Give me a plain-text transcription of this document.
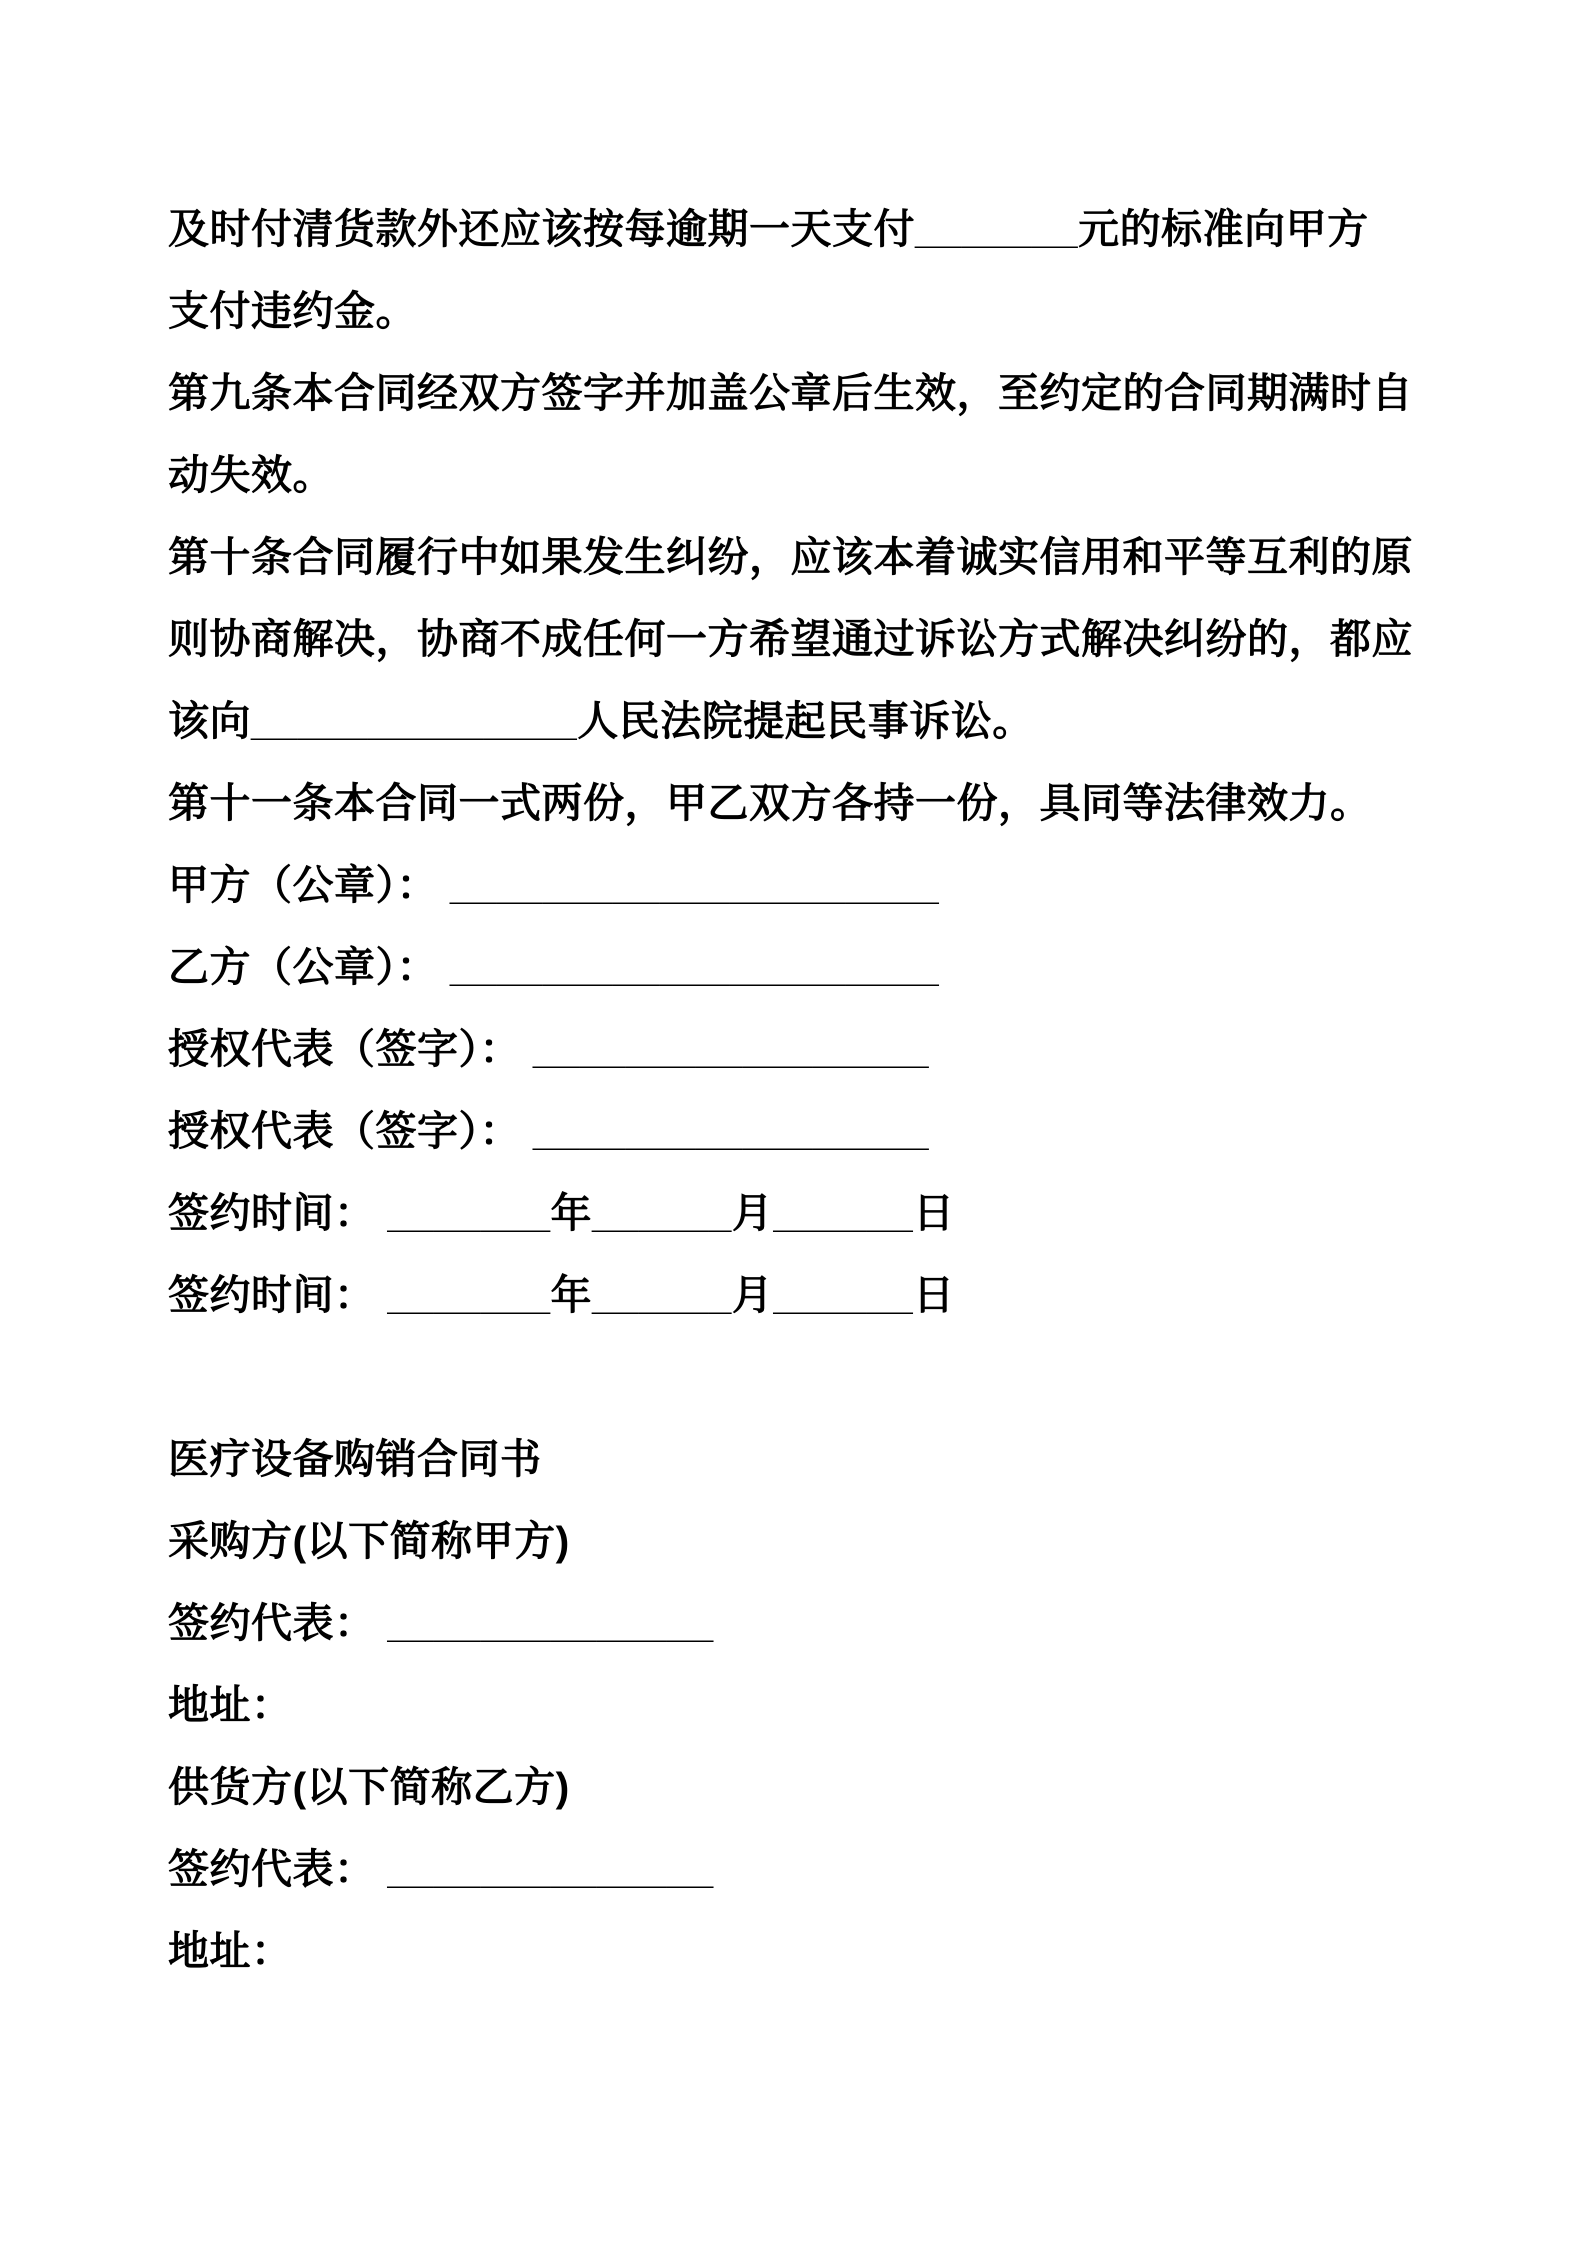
及时付清货款外还应该按每逾期一天支付_______元的标准向甲方
支付违约金。
第九条本合同经双方签字并加盖公章后生效，至约定的合同期满时自
动失效。
第十条合同履行中如果发生纠纷，应该本着诚实信用和平等互利的原
则协商解决，协商不成任何一方希望通过诉讼方式解决纠纷的，都应
该向______________人民法院提起民事诉讼。
第十一条本合同一式两份，甲乙双方各持一份，具同等法律效力。
甲方（公章）： _____________________
乙方（公章）： _____________________
授权代表（签字）： _________________
授权代表（签字）： _________________
签约时间： _______年______月______日
签约时间： _______年______月______日
医疗设备购销合同书
采购方(以下简称甲方)
签约代表： ______________
地址：
供货方(以下简称乙方)
签约代表： ______________
地址：
